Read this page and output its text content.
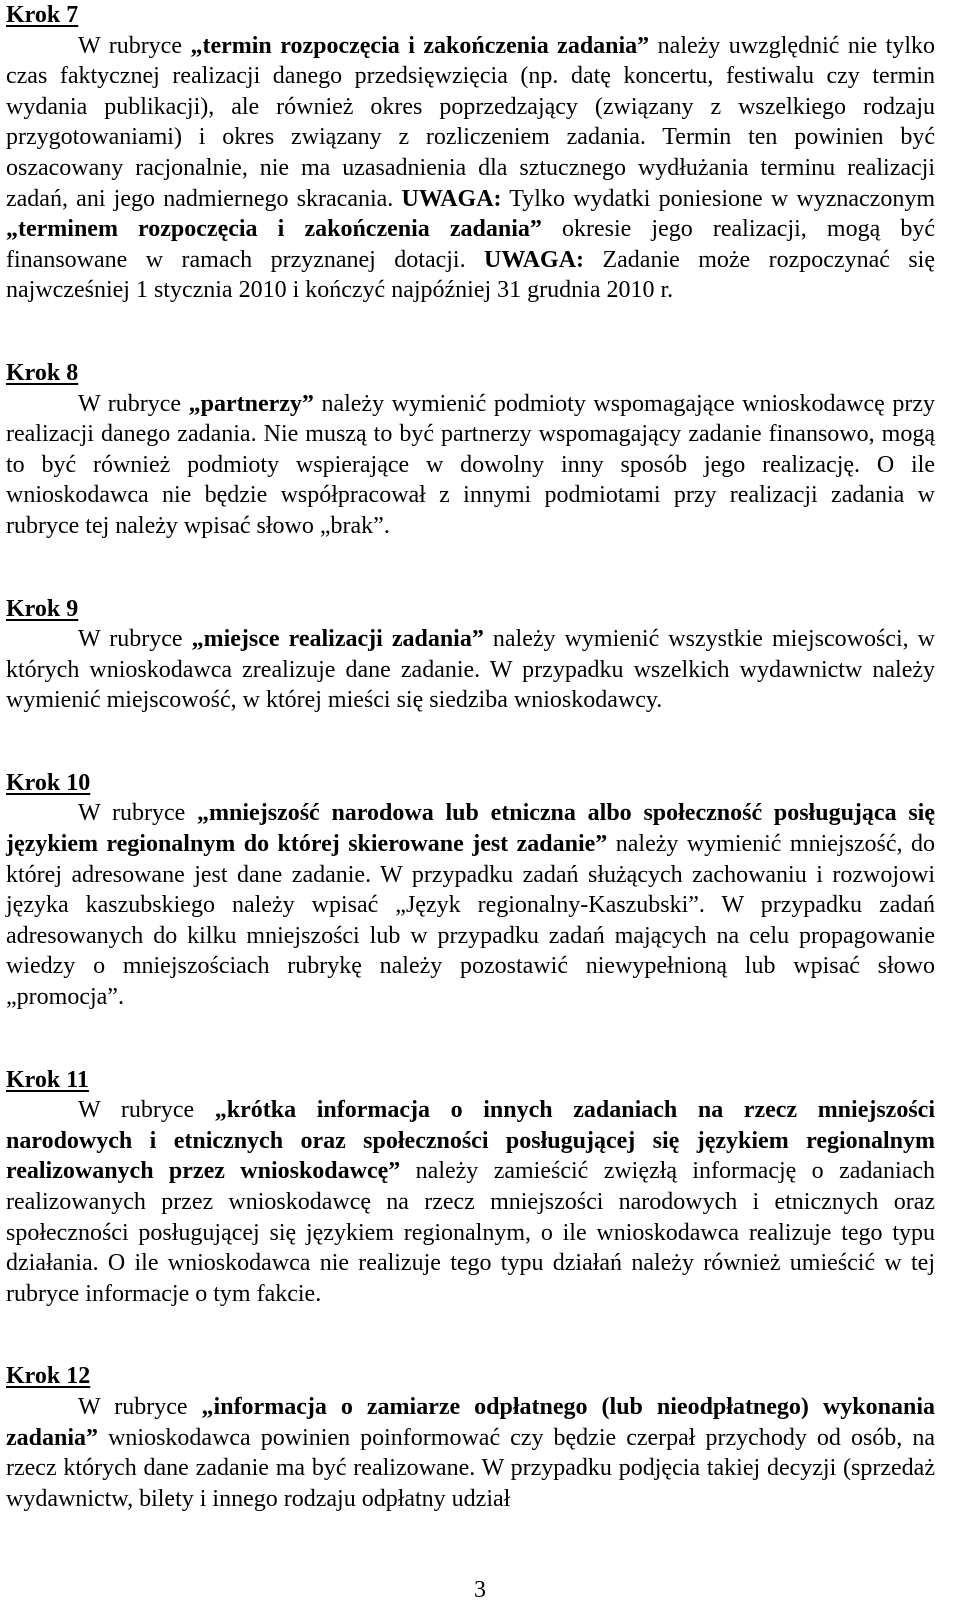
Krok 7

W rubryce „termin rozpoczęcia i zakończenia zadania” należy uwzględnić nie tylko czas faktycznej realizacji danego przedsięwzięcia (np. datę koncertu, festiwalu czy termin wydania publikacji), ale również okres poprzedzający (związany z wszelkiego rodzaju przygotowaniami) i okres związany z rozliczeniem zadania. Termin ten powinien być oszacowany racjonalnie, nie ma uzasadnienia dla sztucznego wydłużania terminu realizacji zadań, ani jego nadmiernego skracania. UWAGA: Tylko wydatki poniesione w wyznaczonym „terminem rozpoczęcia i zakończenia zadania” okresie jego realizacji, mogą być finansowane w ramach przyznanej dotacji. UWAGA: Zadanie może rozpoczynać się najwcześniej 1 stycznia 2010 i kończyć najpóźniej 31 grudnia 2010 r.

Krok 8

W rubryce „partnerzy” należy wymienić podmioty wspomagające wnioskodawcę przy realizacji danego zadania. Nie muszą to być partnerzy wspomagający zadanie finansowo, mogą to być również podmioty wspierające w dowolny inny sposób jego realizację. O ile wnioskodawca nie będzie współpracował z innymi podmiotami przy realizacji zadania w rubryce tej należy wpisać słowo „brak”.

Krok 9

W rubryce „miejsce realizacji zadania” należy wymienić wszystkie miejscowości, w których wnioskodawca zrealizuje dane zadanie. W przypadku wszelkich wydawnictw należy wymienić miejscowość, w której mieści się siedziba wnioskodawcy.

Krok 10

W rubryce „mniejszość narodowa lub etniczna albo społeczność posługująca się językiem regionalnym do której skierowane jest zadanie” należy wymienić mniejszość, do której adresowane jest dane zadanie. W przypadku zadań służących zachowaniu i rozwojowi języka kaszubskiego należy wpisać „Język regionalny-Kaszubski”. W przypadku zadań adresowanych do kilku mniejszości lub w przypadku zadań mających na celu propagowanie wiedzy o mniejszościach rubrykę należy pozostawić niewypełnioną lub wpisać słowo „promocja”.

Krok 11

W rubryce „krótka informacja o innych zadaniach na rzecz mniejszości narodowych i etnicznych oraz społeczności posługującej się językiem regionalnym realizowanych przez wnioskodawcę” należy zamieścić zwięzłą informację o zadaniach realizowanych przez wnioskodawcę na rzecz mniejszości narodowych i etnicznych oraz społeczności posługującej się językiem regionalnym, o ile wnioskodawca realizuje tego typu działania. O ile wnioskodawca nie realizuje tego typu działań należy również umieścić w tej rubryce informacje o tym fakcie.

Krok 12

W rubryce „informacja o zamiarze odpłatnego (lub nieodpłatnego) wykonania zadania” wnioskodawca powinien poinformować czy będzie czerpał przychody od osób, na rzecz których dane zadanie ma być realizowane. W przypadku podjęcia takiej decyzji (sprzedaż wydawnictw, bilety i innego rodzaju odpłatny udział

3
